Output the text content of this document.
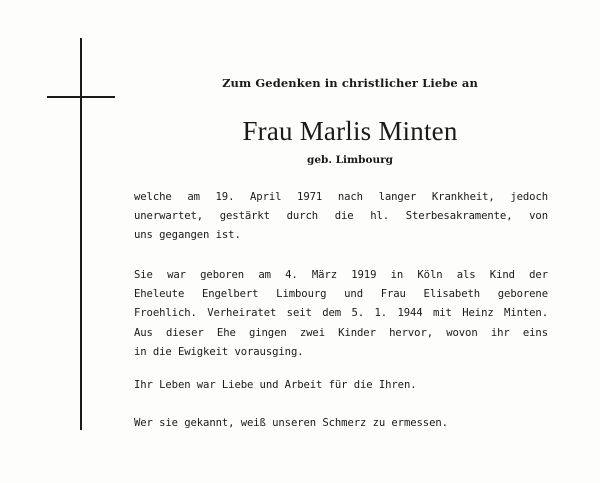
Zum Gedenken in christlicher Liebe an
Frau Marlis Minten
geb. Limbourg
welche am 19. April 1971 nach langer Krankheit, jedoch
unerwartet, gestärkt durch die hl. Sterbesakramente, von
uns gegangen ist.
Sie war geboren am 4. März 1919 in Köln als Kind der
Eheleute Engelbert Limbourg und Frau Elisabeth geborene
Froehlich. Verheiratet seit dem 5. 1. 1944 mit Heinz Minten.
Aus dieser Ehe gingen zwei Kinder hervor, wovon ihr eins
in die Ewigkeit vorausging.
Ihr Leben war Liebe und Arbeit für die Ihren.
Wer sie gekannt, weiß unseren Schmerz zu ermessen.
